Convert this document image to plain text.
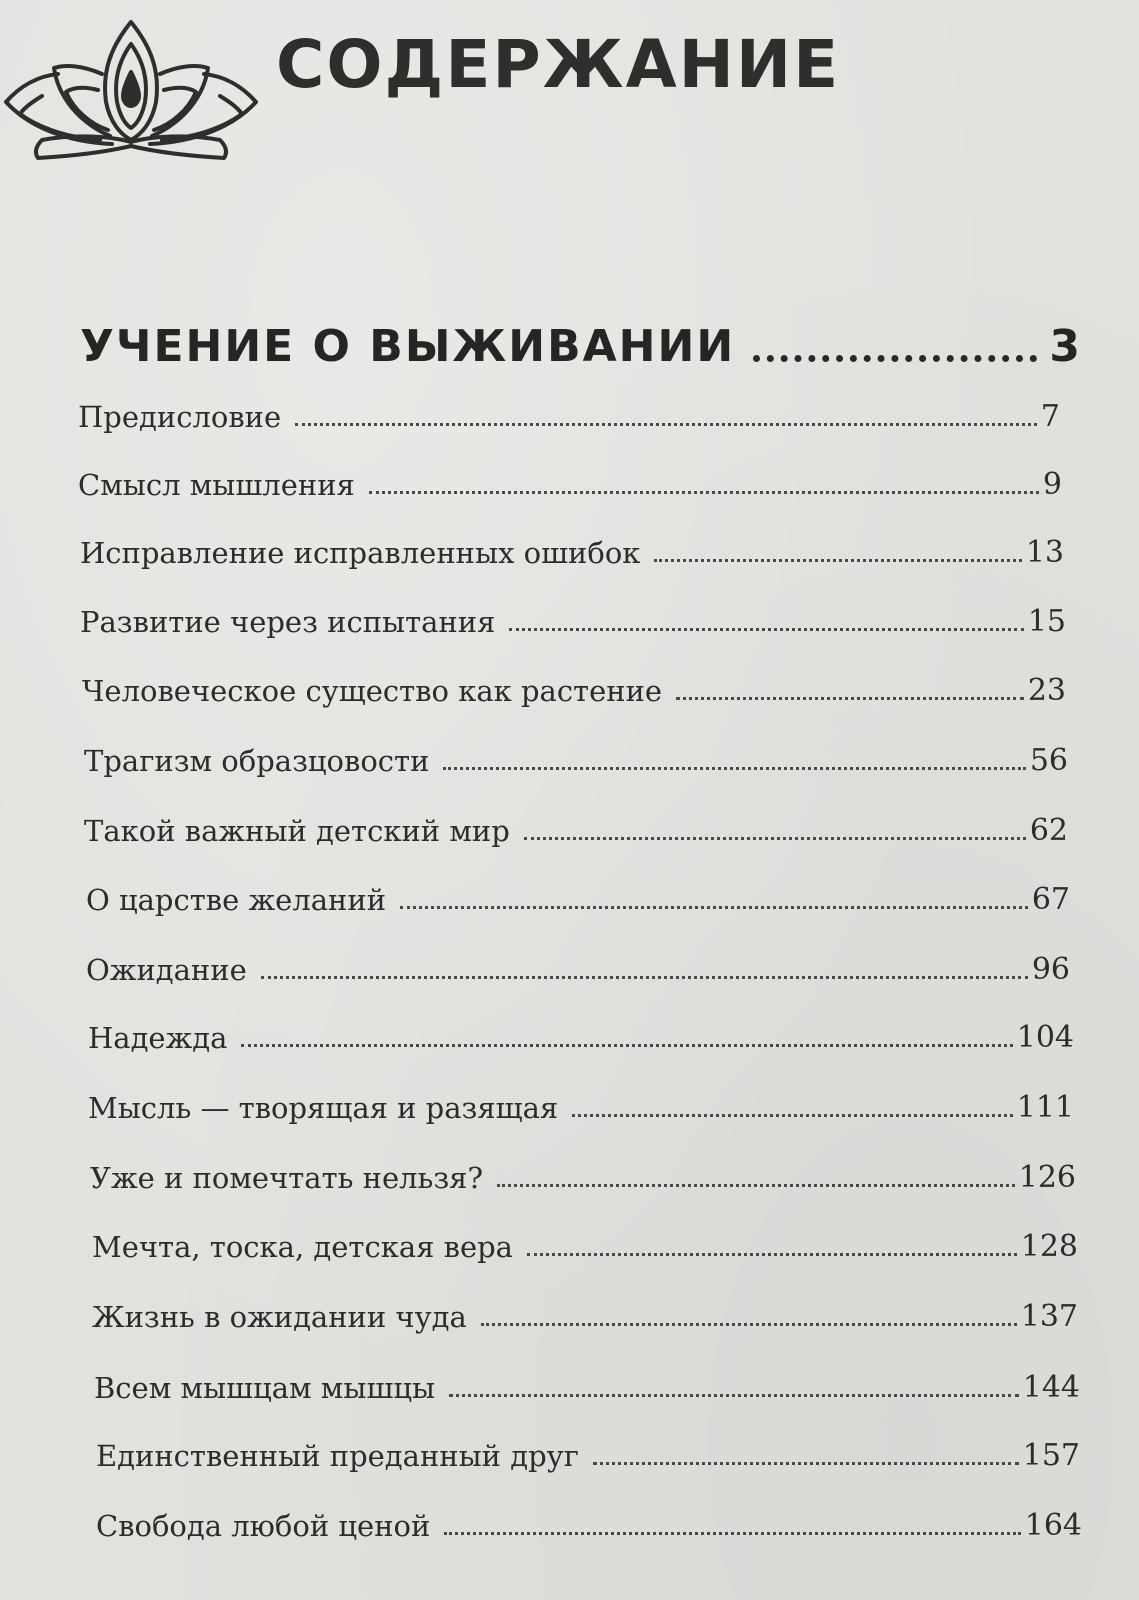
СОДЕРЖАНИЕ
УЧЕНИЕ О ВЫЖИВАНИИ	3
Предисловие	7
Смысл мышления	9
Исправление исправленных ошибок	13
Развитие через испытания	15
Человеческое существо как растение	23
Трагизм образцовости	56
Такой важный детский мир	62
О царстве желаний	67
Ожидание	96
Надежда	104
Мысль — творящая и разящая	111
Уже и помечтать нельзя?	126
Мечта, тоска, детская вера	128
Жизнь в ожидании чуда	137
Всем мышцам мышцы	144
Единственный преданный друг	157
Свобода любой ценой	164
